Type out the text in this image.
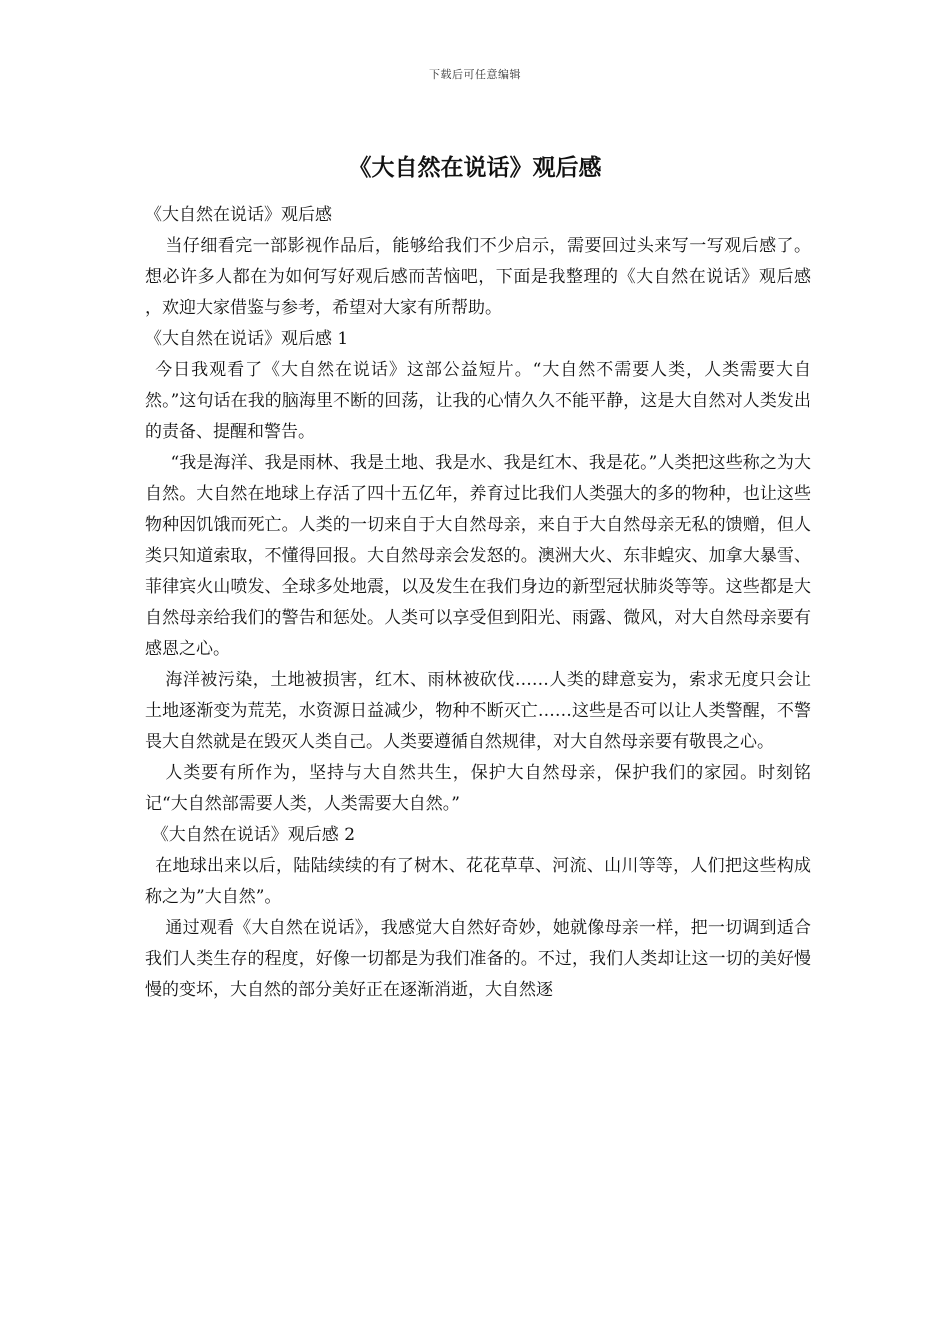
下载后可任意编辑
《大自然在说话》观后感

《大自然在说话》观后感

当仔细看完一部影视作品后，能够给我们不少启示，需要回过头来写一写观后感了。想必许多人都在为如何写好观后感而苦恼吧，下面是我整理的《大自然在说话》观后感 ，欢迎大家借鉴与参考，希望对大家有所帮助。

《大自然在说话》观后感 1

今日我观看了《大自然在说话》这部公益短片。“大自然不需要人类，人类需要大自然。”这句话在我的脑海里不断的回荡，让我的心情久久不能平静，这是大自然对人类发出的责备、提醒和警告。

“我是海洋、我是雨林、我是土地、我是水、我是红木、我是花。”人类把这些称之为大自然。大自然在地球上存活了四十五亿年，养育过比我们人类强大的多的物种，也让这些物种因饥饿而死亡。人类的一切来自于大自然母亲，来自于大自然母亲无私的馈赠，但人类只知道索取，不懂得回报。大自然母亲会发怒的。澳洲大火、东非蝗灾、加拿大暴雪、菲律宾火山喷发、全球多处地震，以及发生在我们身边的新型冠状肺炎等等。这些都是大自然母亲给我们的警告和惩处。人类可以享受但到阳光、雨露、微风，对大自然母亲要有感恩之心。

海洋被污染，土地被损害，红木、雨林被砍伐……人类的肆意妄为，索求无度只会让土地逐渐变为荒芜，水资源日益减少，物种不断灭亡……这些是否可以让人类警醒，不警畏大自然就是在毁灭人类自己。人类要遵循自然规律，对大自然母亲要有敬畏之心。

人类要有所作为，坚持与大自然共生，保护大自然母亲，保护我们的家园。时刻铭记“大自然部需要人类，人类需要大自然。”

《大自然在说话》观后感 2

在地球出来以后，陆陆续续的有了树木、花花草草、河流、山川等等，人们把这些构成称之为”大自然”。

通过观看《大自然在说话》，我感觉大自然好奇妙，她就像母亲一样，把一切调到适合我们人类生存的程度，好像一切都是为我们准备的。不过，我们人类却让这一切的美好慢慢的变坏，大自然的部分美好正在逐渐消逝，大自然逐
